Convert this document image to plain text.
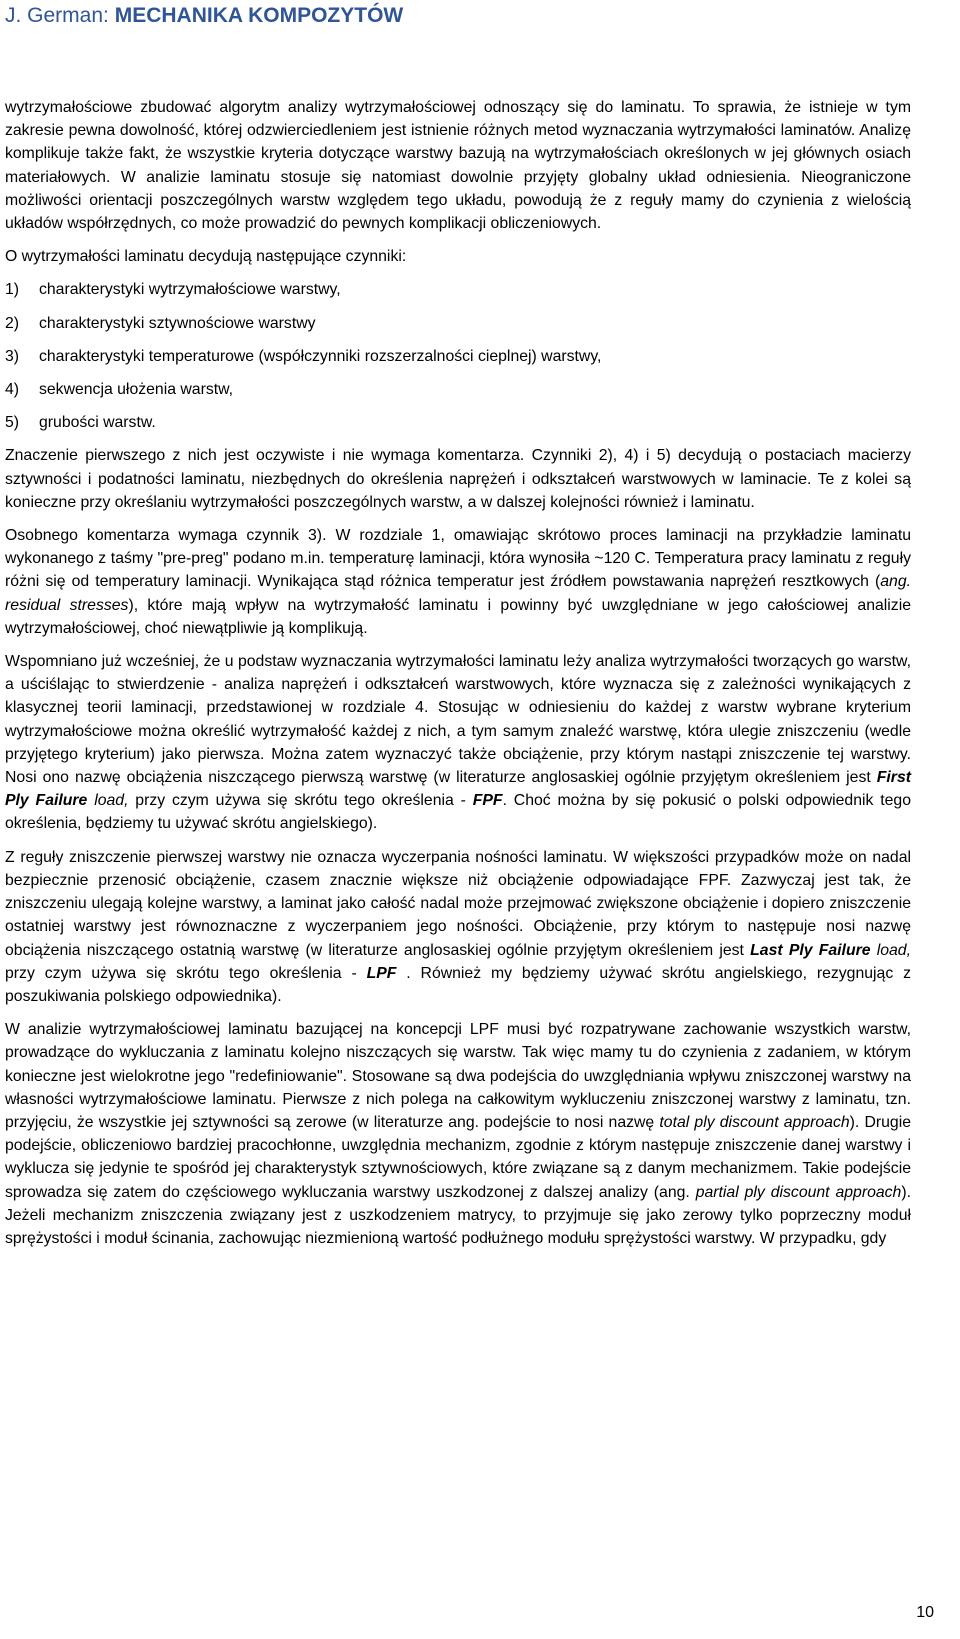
J. German: MECHANIKA KOMPOZYTÓW

wytrzymałościowe zbudować algorytm analizy wytrzymałościowej odnoszący się do laminatu. To sprawia, że istnieje w tym zakresie pewna dowolność, której odzwierciedleniem jest istnienie różnych metod wyznaczania wytrzymałości laminatów. Analizę komplikuje także fakt, że wszystkie kryteria dotyczące warstwy bazują na wytrzymałościach określonych w jej głównych osiach materiałowych. W analizie laminatu stosuje się natomiast dowolnie przyjęty globalny układ odniesienia. Nieograniczone możliwości orientacji poszczególnych warstw względem tego układu, powodują że z reguły mamy do czynienia z wielością układów współrzędnych, co może prowadzić do pewnych komplikacji obliczeniowych.

O wytrzymałości laminatu decydują następujące czynniki:

1) charakterystyki wytrzymałościowe warstwy,

2) charakterystyki sztywnościowe warstwy

3) charakterystyki temperaturowe (współczynniki rozszerzalności cieplnej) warstwy,

4) sekwencja ułożenia warstw,

5) grubości warstw.

Znaczenie pierwszego z nich jest oczywiste i nie wymaga komentarza. Czynniki 2), 4) i 5) decydują o postaciach macierzy sztywności i podatności laminatu, niezbędnych do określenia naprężeń i odkształceń warstwowych w laminacie. Te z kolei są konieczne przy określaniu wytrzymałości poszczególnych warstw, a w dalszej kolejności również i laminatu.

Osobnego komentarza wymaga czynnik 3). W rozdziale 1, omawiając skrótowo proces laminacji na przykładzie laminatu wykonanego z taśmy "pre-preg" podano m.in. temperaturę laminacji, która wynosiła ~120 C. Temperatura pracy laminatu z reguły różni się od temperatury laminacji. Wynikająca stąd różnica temperatur jest źródłem powstawania naprężeń resztkowych (ang. residual stresses), które mają wpływ na wytrzymałość laminatu i powinny być uwzględniane w jego całościowej analizie wytrzymałościowej, choć niewątpliwie ją komplikują.

Wspomniano już wcześniej, że u podstaw wyznaczania wytrzymałości laminatu leży analiza wytrzymałości tworzących go warstw, a uściślając to stwierdzenie - analiza naprężeń i odkształceń warstwowych, które wyznacza się z zależności wynikających z klasycznej teorii laminacji, przedstawionej w rozdziale 4. Stosując w odniesieniu do każdej z warstw wybrane kryterium wytrzymałościowe można określić wytrzymałość każdej z nich, a tym samym znaleźć warstwę, która ulegie zniszczeniu (wedle przyjętego kryterium) jako pierwsza. Można zatem wyznaczyć także obciążenie, przy którym nastąpi zniszczenie tej warstwy. Nosi ono nazwę obciążenia niszczącego pierwszą warstwę (w literaturze anglosaskiej ogólnie przyjętym określeniem jest First Ply Failure load, przy czym używa się skrótu tego określenia - FPF. Choć można by się pokusić o polski odpowiednik tego określenia, będziemy tu używać skrótu angielskiego).

Z reguły zniszczenie pierwszej warstwy nie oznacza wyczerpania nośności laminatu. W większości przypadków może on nadal bezpiecznie przenosić obciążenie, czasem znacznie większe niż obciążenie odpowiadające FPF. Zazwyczaj jest tak, że zniszczeniu ulegają kolejne warstwy, a laminat jako całość nadal może przejmować zwiększone obciążenie i dopiero zniszczenie ostatniej warstwy jest równoznaczne z wyczerpaniem jego nośności. Obciążenie, przy którym to następuje nosi nazwę obciążenia niszczącego ostatnią warstwę (w literaturze anglosaskiej ogólnie przyjętym określeniem jest Last Ply Failure load, przy czym używa się skrótu tego określenia - LPF . Również my będziemy używać skrótu angielskiego, rezygnując z poszukiwania polskiego odpowiednika).

W analizie wytrzymałościowej laminatu bazującej na koncepcji LPF musi być rozpatrywane zachowanie wszystkich warstw, prowadzące do wykluczania z laminatu kolejno niszczących się warstw. Tak więc mamy tu do czynienia z zadaniem, w którym konieczne jest wielokrotne jego "redefiniowanie". Stosowane są dwa podejścia do uwzględniania wpływu zniszczonej warstwy na własności wytrzymałościowe laminatu. Pierwsze z nich polega na całkowitym wykluczeniu zniszczonej warstwy z laminatu, tzn. przyjęciu, że wszystkie jej sztywności są zerowe (w literaturze ang. podejście to nosi nazwę total ply discount approach). Drugie podejście, obliczeniowo bardziej pracochłonne, uwzględnia mechanizm, zgodnie z którym następuje zniszczenie danej warstwy i wyklucza się jedynie te spośród jej charakterystyk sztywnościowych, które związane są z danym mechanizmem. Takie podejście sprowadza się zatem do częściowego wykluczania warstwy uszkodzonej z dalszej analizy (ang. partial ply discount approach). Jeżeli mechanizm zniszczenia związany jest z uszkodzeniem matrycy, to przyjmuje się jako zerowy tylko poprzeczny moduł sprężystości i moduł ścinania, zachowując niezmienioną wartość podłużnego modułu sprężystości warstwy. W przypadku, gdy

10
